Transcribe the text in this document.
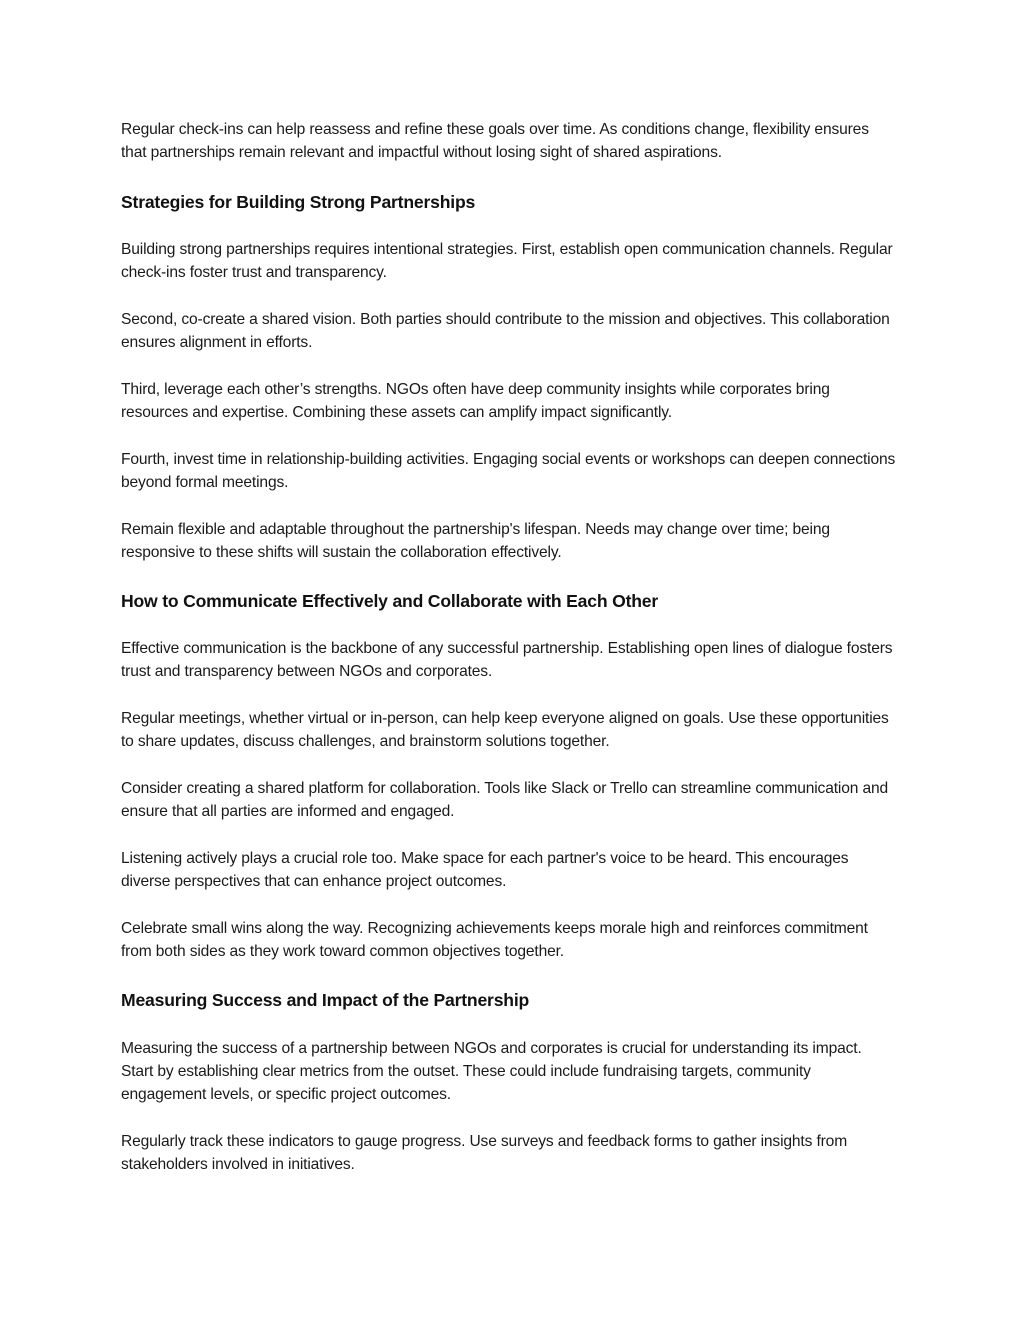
Regular check-ins can help reassess and refine these goals over time. As conditions change, flexibility ensures that partnerships remain relevant and impactful without losing sight of shared aspirations.

Strategies for Building Strong Partnerships

Building strong partnerships requires intentional strategies. First, establish open communication channels. Regular check-ins foster trust and transparency.

Second, co-create a shared vision. Both parties should contribute to the mission and objectives. This collaboration ensures alignment in efforts.

Third, leverage each other’s strengths. NGOs often have deep community insights while corporates bring resources and expertise. Combining these assets can amplify impact significantly.

Fourth, invest time in relationship-building activities. Engaging social events or workshops can deepen connections beyond formal meetings.

Remain flexible and adaptable throughout the partnership's lifespan. Needs may change over time; being responsive to these shifts will sustain the collaboration effectively.

How to Communicate Effectively and Collaborate with Each Other

Effective communication is the backbone of any successful partnership. Establishing open lines of dialogue fosters trust and transparency between NGOs and corporates.

Regular meetings, whether virtual or in-person, can help keep everyone aligned on goals. Use these opportunities to share updates, discuss challenges, and brainstorm solutions together.

Consider creating a shared platform for collaboration. Tools like Slack or Trello can streamline communication and ensure that all parties are informed and engaged.

Listening actively plays a crucial role too. Make space for each partner's voice to be heard. This encourages diverse perspectives that can enhance project outcomes.

Celebrate small wins along the way. Recognizing achievements keeps morale high and reinforces commitment from both sides as they work toward common objectives together.

Measuring Success and Impact of the Partnership

Measuring the success of a partnership between NGOs and corporates is crucial for understanding its impact. Start by establishing clear metrics from the outset. These could include fundraising targets, community engagement levels, or specific project outcomes.

Regularly track these indicators to gauge progress. Use surveys and feedback forms to gather insights from stakeholders involved in initiatives.
